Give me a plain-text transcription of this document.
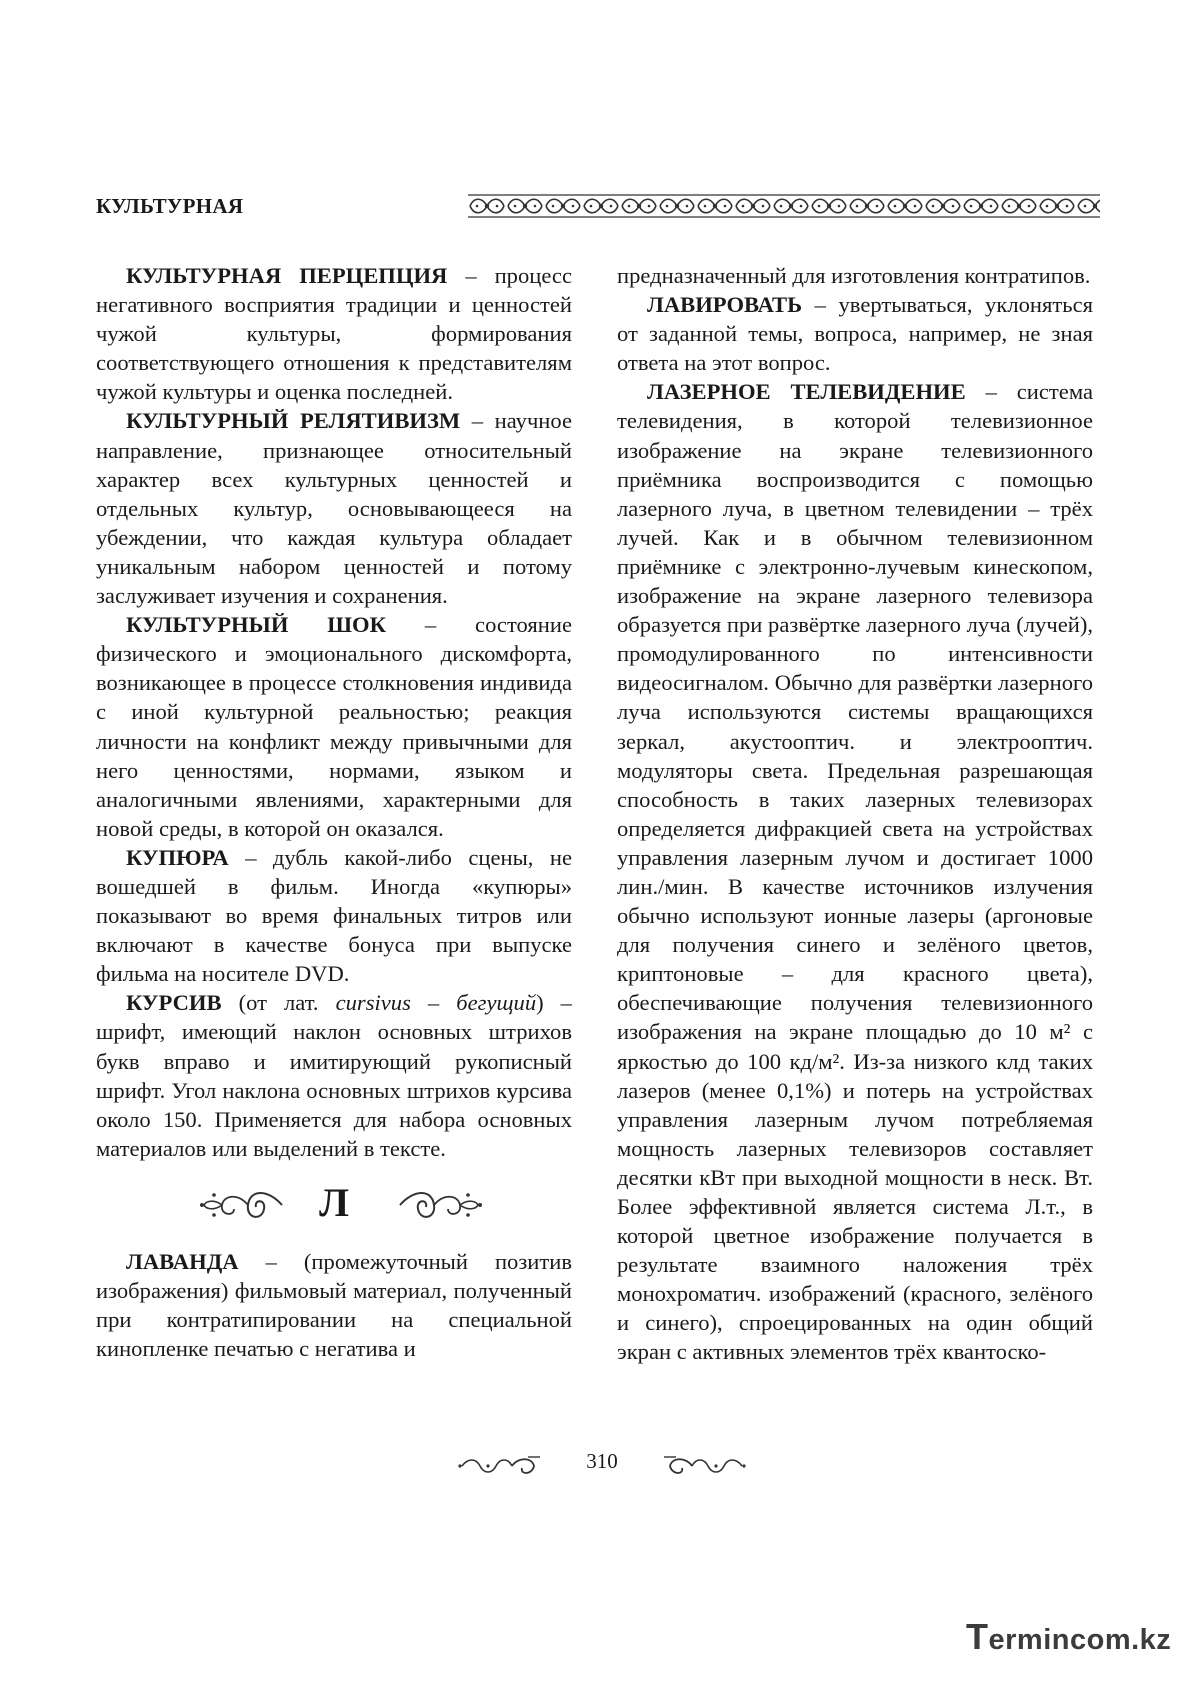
КУЛЬТУРНАЯ

КУЛЬТУРНАЯ ПЕРЦЕПЦИЯ – процесс негативного восприятия традиции и ценностей чужой культуры, формирования соответствующего отношения к представителям чужой культуры и оценка последней.

КУЛЬТУРНЫЙ РЕЛЯТИВИЗМ – научное направление, признающее относительный характер всех культурных ценностей и отдельных культур, основывающееся на убеждении, что каждая культура обладает уникальным набором ценностей и потому заслуживает изучения и сохранения.

КУЛЬТУРНЫЙ ШОК – состояние физического и эмоционального дискомфорта, возникающее в процессе столкновения индивида с иной культурной реальностью; реакция личности на конфликт между привычными для него ценностями, нормами, языком и аналогичными явлениями, характерными для новой среды, в которой он оказался.

КУПЮРА – дубль какой-либо сцены, не вошедшей в фильм. Иногда «купюры» показывают во время финальных титров или включают в качестве бонуса при выпуске фильма на носителе DVD.

КУРСИВ (от лат. cursivus – бегущий) – шрифт, имеющий наклон основных штрихов букв вправо и имитирующий рукописный шрифт. Угол наклона основных штрихов курсива около 150. Применяется для набора основных материалов или выделений в тексте.

Л

ЛАВАНДА – (промежуточный позитив изображения) фильмовый материал, полученный при контратипировании на специальной кинопленке печатью с негатива и

предназначенный для изготовления контратипов.

ЛАВИРОВАТЬ – увертываться, уклоняться от заданной темы, вопроса, например, не зная ответа на этот вопрос.

ЛАЗЕРНОЕ ТЕЛЕВИДЕНИЕ – система телевидения, в которой телевизионное изображение на экране телевизионного приёмника воспроизводится с помощью лазерного луча, в цветном телевидении – трёх лучей. Как и в обычном телевизионном приёмнике с электронно-лучевым кинескопом, изображение на экране лазерного телевизора образуется при развёртке лазерного луча (лучей), промодулированного по интенсивности видеосигналом. Обычно для развёртки лазерного луча используются системы вращающихся зеркал, акустооптич. и электрооптич. модуляторы света. Предельная разрешающая способность в таких лазерных телевизорах определяется дифракцией света на устройствах управления лазерным лучом и достигает 1000 лин./мин. В качестве источников излучения обычно используют ионные лазеры (аргоновые для получения синего и зелёного цветов, криптоновые – для красного цвета), обеспечивающие получения телевизионного изображения на экране площадью до 10 м² с яркостью до 100 кд/м². Из-за низкого клд таких лазеров (менее 0,1%) и потерь на устройствах управления лазерным лучом потребляемая мощность лазерных телевизоров составляет десятки кВт при выходной мощности в неск. Вт. Более эффективной является система Л.т., в которой цветное изображение получается в результате взаимного наложения трёх монохроматич. изображений (красного, зелёного и синего), спроецированных на один общий экран с активных элементов трёх квантоско-

310
Termincom.kz
